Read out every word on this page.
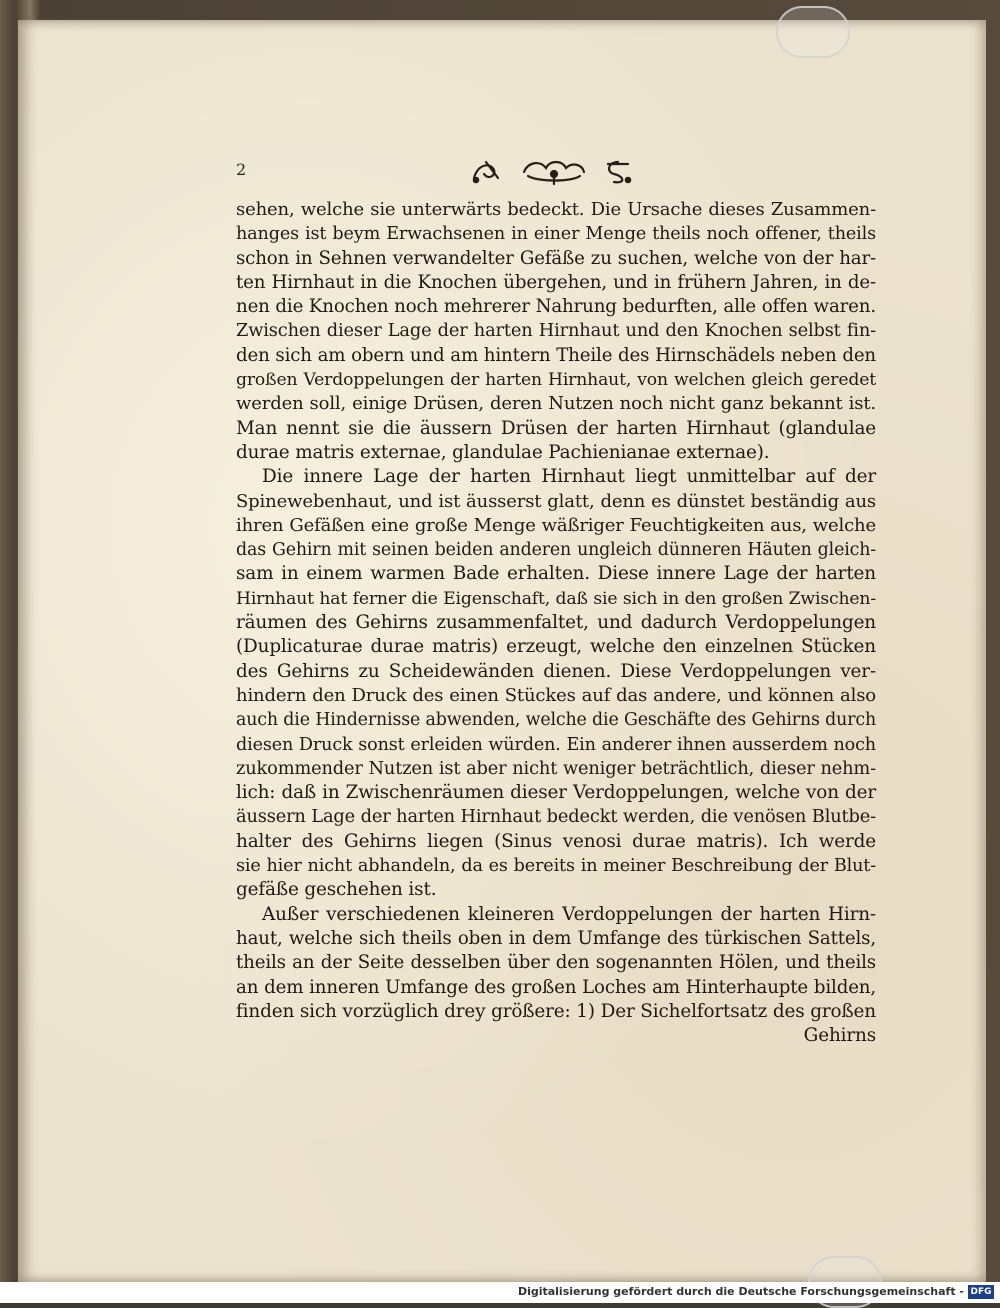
2
sehen, welche sie unterwärts bedeckt. Die Ursache dieses Zusammen-
hanges ist beym Erwachsenen in einer Menge theils noch offener, theils
schon in Sehnen verwandelter Gefäße zu suchen, welche von der har-
ten Hirnhaut in die Knochen übergehen, und in frühern Jahren, in de-
nen die Knochen noch mehrerer Nahrung bedurften, alle offen waren.
Zwischen dieser Lage der harten Hirnhaut und den Knochen selbst fin-
den sich am obern und am hintern Theile des Hirnschädels neben den
großen Verdoppelungen der harten Hirnhaut, von welchen gleich geredet
werden soll, einige Drüsen, deren Nutzen noch nicht ganz bekannt ist.
Man nennt sie die äussern Drüsen der harten Hirnhaut (glandulae
durae matris externae, glandulae Pachienianae externae).
Die innere Lage der harten Hirnhaut liegt unmittelbar auf der
Spinewebenhaut, und ist äusserst glatt, denn es dünstet beständig aus
ihren Gefäßen eine große Menge wäßriger Feuchtigkeiten aus, welche
das Gehirn mit seinen beiden anderen ungleich dünneren Häuten gleich-
sam in einem warmen Bade erhalten. Diese innere Lage der harten
Hirnhaut hat ferner die Eigenschaft, daß sie sich in den großen Zwischen-
räumen des Gehirns zusammenfaltet, und dadurch Verdoppelungen
(Duplicaturae durae matris) erzeugt, welche den einzelnen Stücken
des Gehirns zu Scheidewänden dienen. Diese Verdoppelungen ver-
hindern den Druck des einen Stückes auf das andere, und können also
auch die Hindernisse abwenden, welche die Geschäfte des Gehirns durch
diesen Druck sonst erleiden würden. Ein anderer ihnen ausserdem noch
zukommender Nutzen ist aber nicht weniger beträchtlich, dieser nehm-
lich: daß in Zwischenräumen dieser Verdoppelungen, welche von der
äussern Lage der harten Hirnhaut bedeckt werden, die venösen Blutbe-
halter des Gehirns liegen (Sinus venosi durae matris). Ich werde
sie hier nicht abhandeln, da es bereits in meiner Beschreibung der Blut-
gefäße geschehen ist.
Außer verschiedenen kleineren Verdoppelungen der harten Hirn-
haut, welche sich theils oben in dem Umfange des türkischen Sattels,
theils an der Seite desselben über den sogenannten Hölen, und theils
an dem inneren Umfange des großen Loches am Hinterhaupte bilden,
finden sich vorzüglich drey größere: 1) Der Sichelfortsatz des großen
Gehirns
Digitalisierung gefördert durch die Deutsche Forschungsgemeinschaft - DFG
